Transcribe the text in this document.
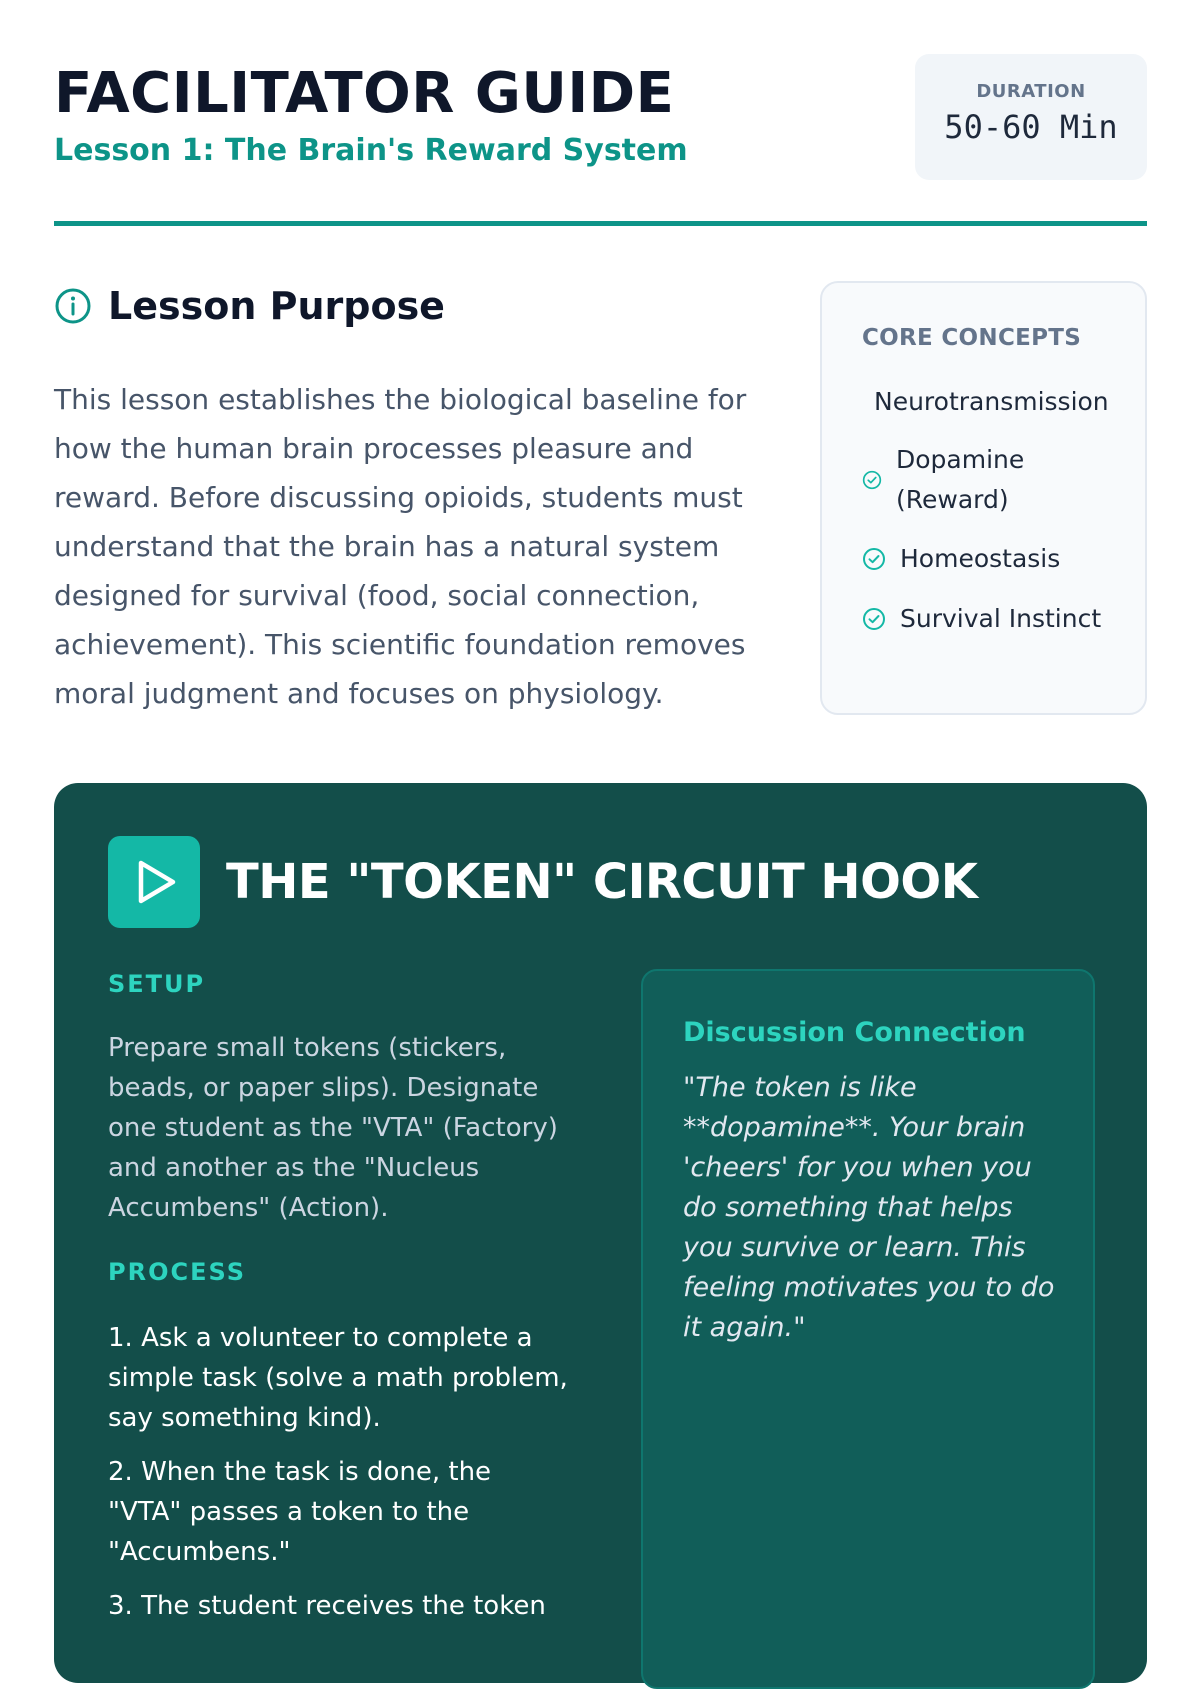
FACILITATOR GUIDE
Lesson 1: The Brain's Reward System
DURATION
50-60 Min
Lesson Purpose

This lesson establishes the biological baseline for how the human brain processes pleasure and reward. Before discussing opioids, students must understand that the brain has a natural system designed for survival (food, social connection, achievement). This scientific foundation removes moral judgment and focuses on physiology.

CORE CONCEPTS
Neurotransmission
Dopamine (Reward)
Homeostasis
Survival Instinct
THE "TOKEN" CIRCUIT HOOK
SETUP

Prepare small tokens (stickers, beads, or paper slips). Designate one student as the "VTA" (Factory) and another as the "Nucleus Accumbens" (Action).

PROCESS
1. Ask a volunteer to complete a simple task (solve a math problem, say something kind).
2. When the task is done, the "VTA" passes a token to the "Accumbens."
3. The student receives the token
Discussion Connection

"The token is like **dopamine**. Your brain 'cheers' for you when you do something that helps you survive or learn. This feeling motivates you to do it again."
